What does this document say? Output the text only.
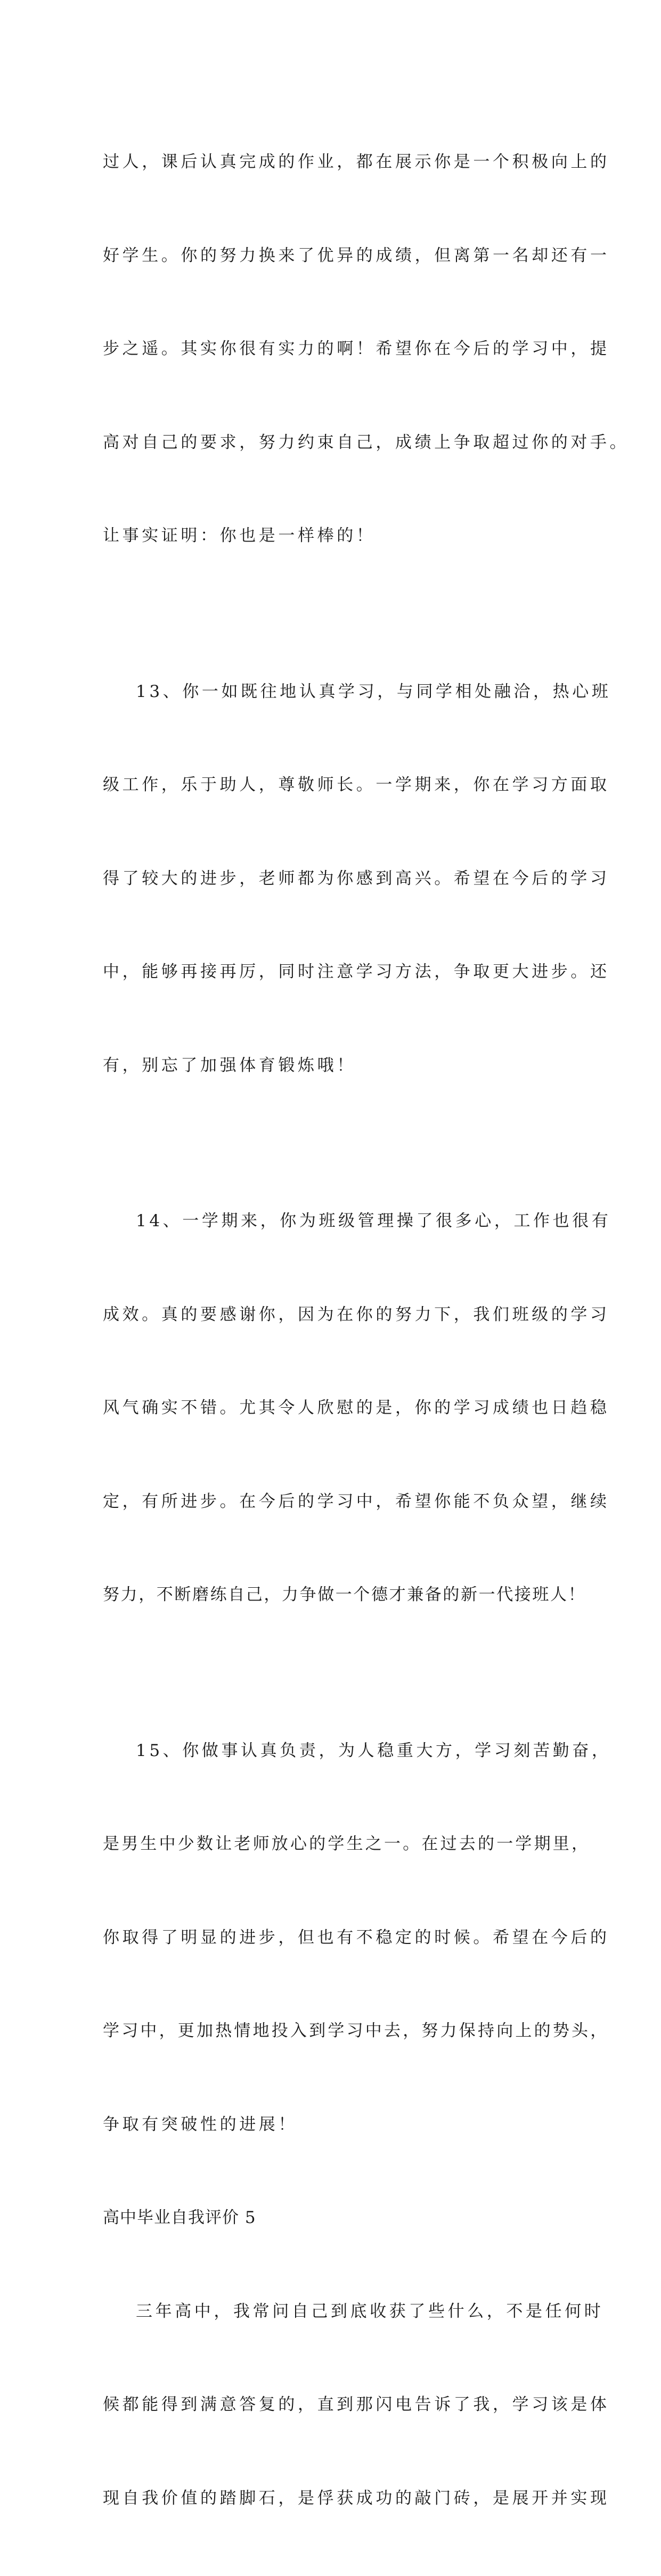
过人，课后认真完成的作业，都在展示你是一个积极向上的

好学生。你的努力换来了优异的成绩，但离第一名却还有一

步之遥。其实你很有实力的啊！希望你在今后的学习中，提

高对自己的要求，努力约束自己，成绩上争取超过你的对手。

让事实证明：你也是一样棒的！

13、你一如既往地认真学习，与同学相处融洽，热心班

级工作，乐于助人，尊敬师长。一学期来，你在学习方面取

得了较大的进步，老师都为你感到高兴。希望在今后的学习

中，能够再接再厉，同时注意学习方法，争取更大进步。还

有，别忘了加强体育锻炼哦！

14、一学期来，你为班级管理操了很多心，工作也很有

成效。真的要感谢你，因为在你的努力下，我们班级的学习

风气确实不错。尤其令人欣慰的是，你的学习成绩也日趋稳

定，有所进步。在今后的学习中，希望你能不负众望，继续

努力，不断磨练自己，力争做一个德才兼备的新一代接班人！

15、你做事认真负责，为人稳重大方，学习刻苦勤奋，

是男生中少数让老师放心的学生之一。在过去的一学期里，

你取得了明显的进步，但也有不稳定的时候。希望在今后的

学习中，更加热情地投入到学习中去，努力保持向上的势头，

争取有突破性的进展！

高中毕业自我评价 5

三年高中，我常问自己到底收获了些什么，不是任何时

候都能得到满意答复的，直到那闪电告诉了我，学习该是体

现自我价值的踏脚石，是俘获成功的敲门砖，是展开并实现
